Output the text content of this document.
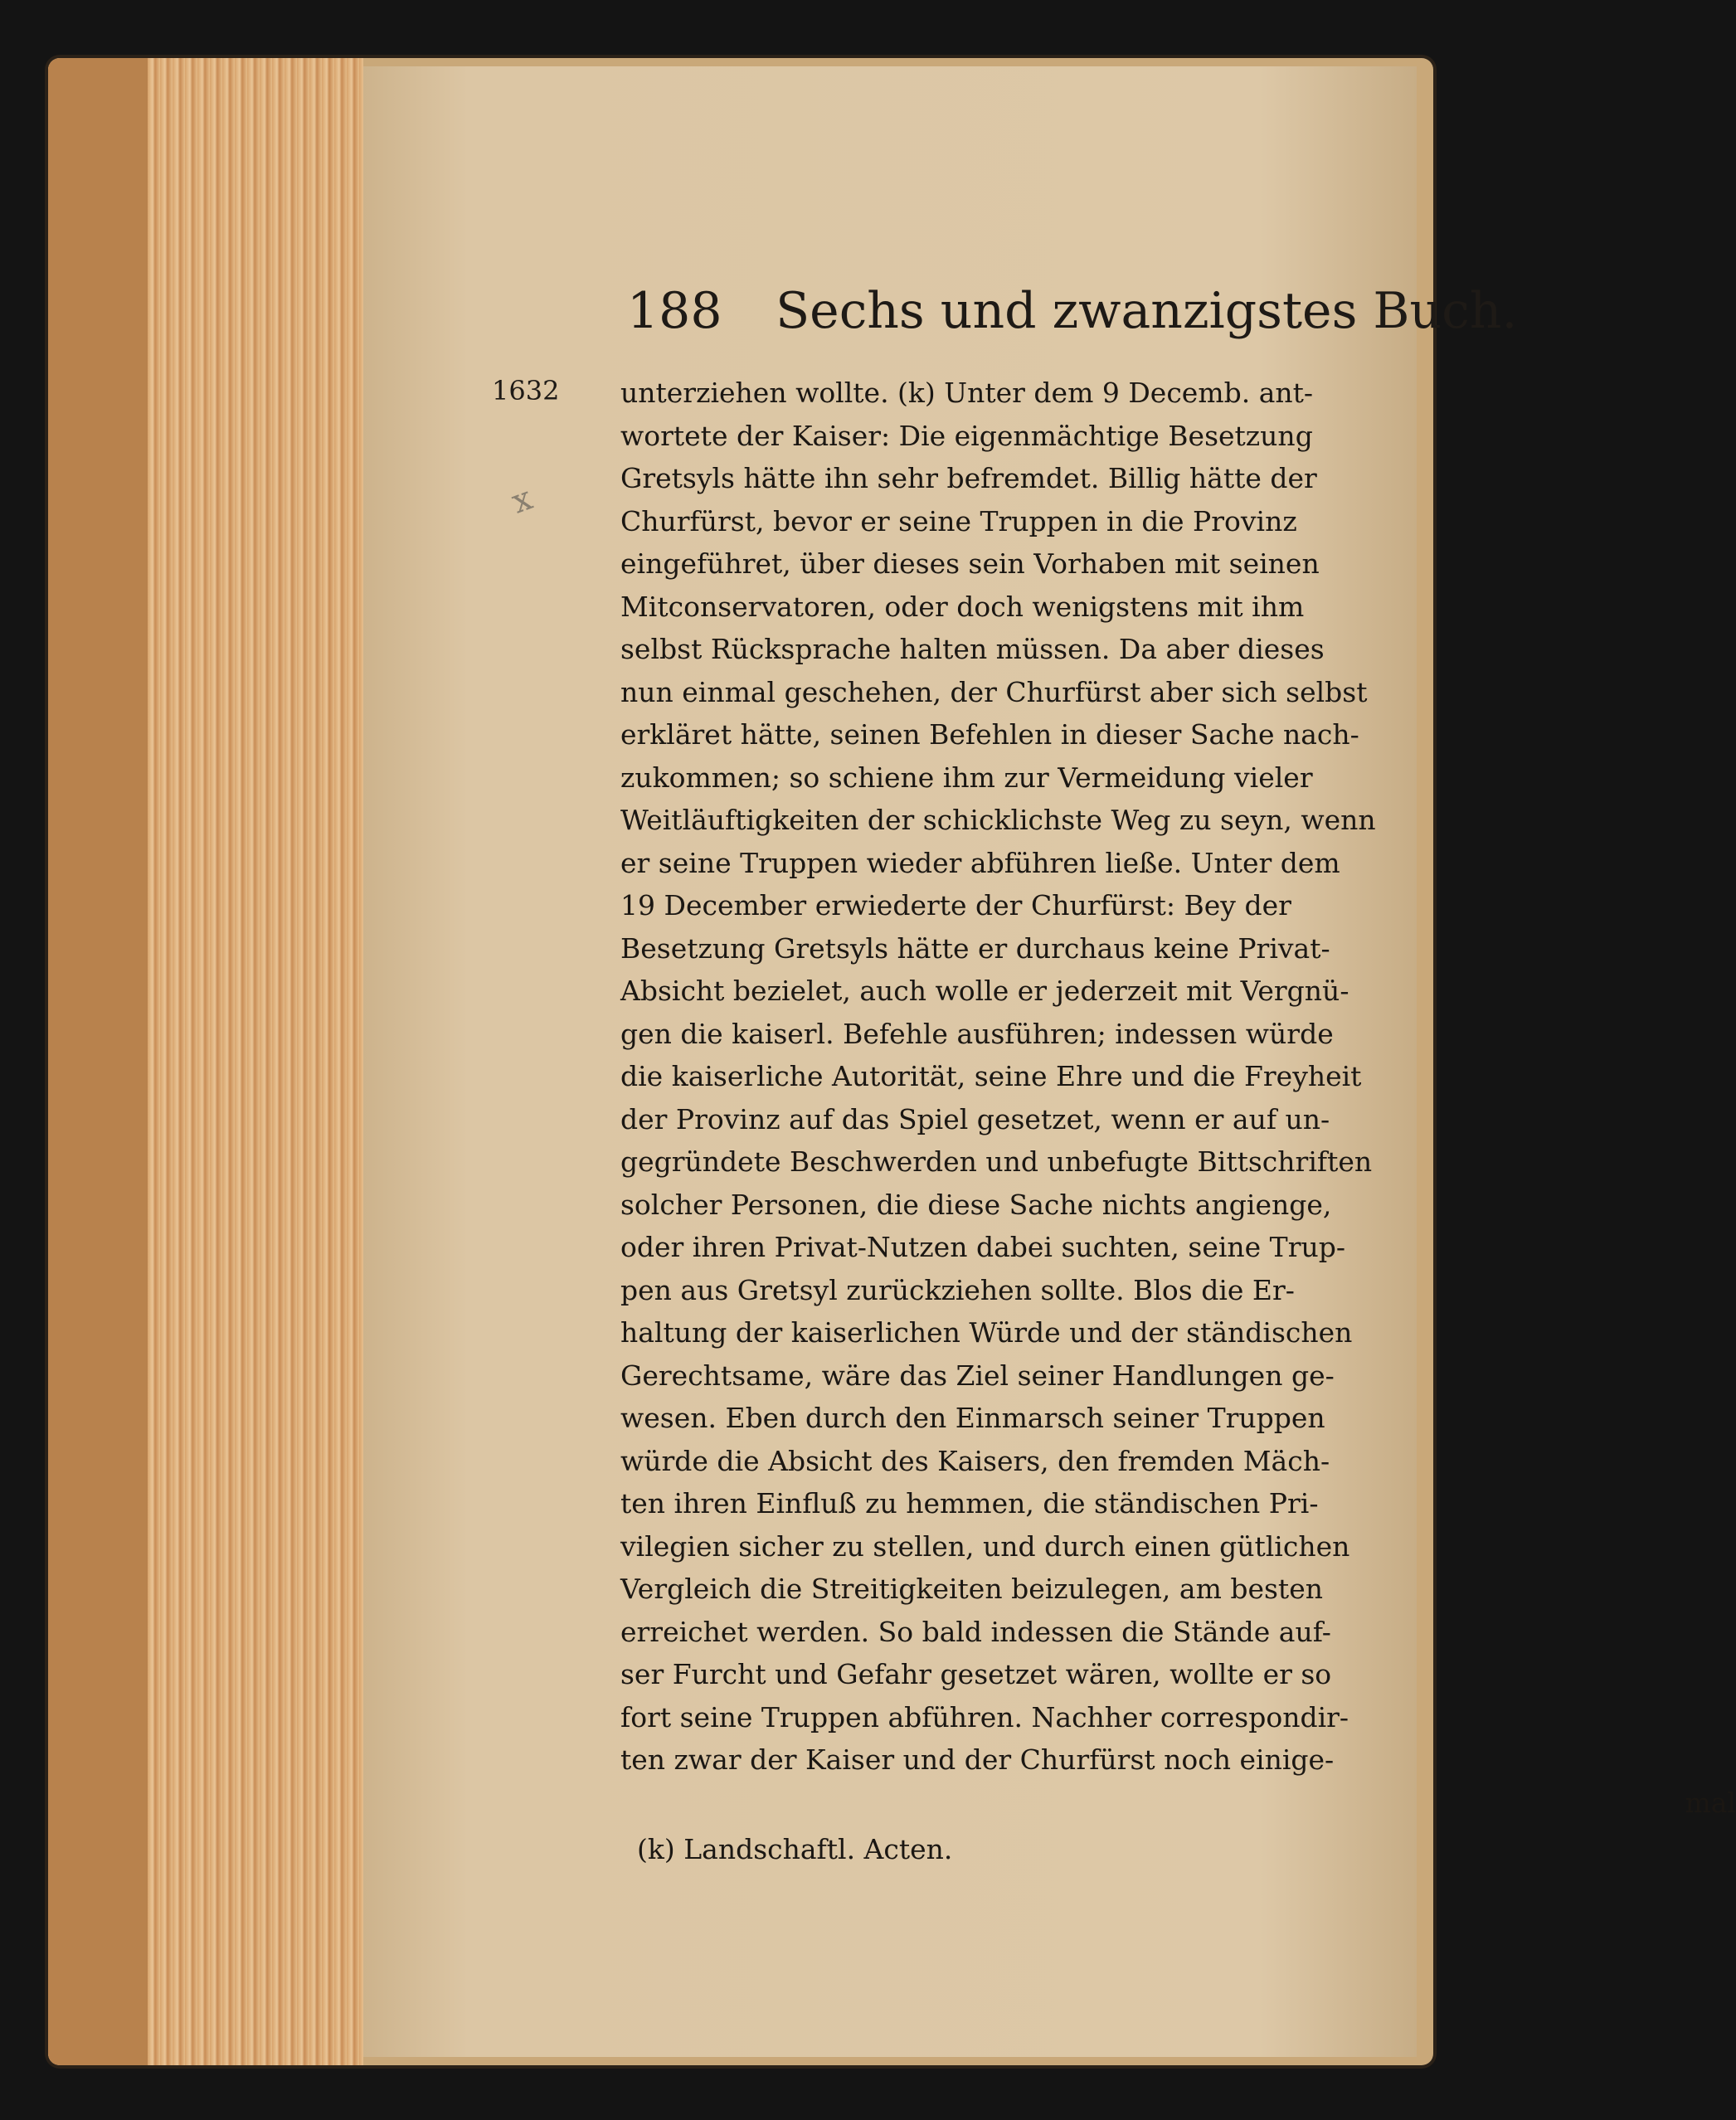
188 Sechs und zwanzigstes Buch.
1632
x
unterziehen wollte. (k) Unter dem 9 Decemb. ant-
wortete der Kaiser: Die eigenmächtige Besetzung
Gretsyls hätte ihn sehr befremdet. Billig hätte der
Churfürst, bevor er seine Truppen in die Provinz
eingeführet, über dieses sein Vorhaben mit seinen
Mitconservatoren, oder doch wenigstens mit ihm
selbst Rücksprache halten müssen. Da aber dieses
nun einmal geschehen, der Churfürst aber sich selbst
erkläret hätte, seinen Befehlen in dieser Sache nach-
zukommen; so schiene ihm zur Vermeidung vieler
Weitläuftigkeiten der schicklichste Weg zu seyn, wenn
er seine Truppen wieder abführen ließe. Unter dem
19 December erwiederte der Churfürst: Bey der
Besetzung Gretsyls hätte er durchaus keine Privat-
Absicht bezielet, auch wolle er jederzeit mit Vergnü-
gen die kaiserl. Befehle ausführen; indessen würde
die kaiserliche Autorität, seine Ehre und die Freyheit
der Provinz auf das Spiel gesetzet, wenn er auf un-
gegründete Beschwerden und unbefugte Bittschriften
solcher Personen, die diese Sache nichts angienge,
oder ihren Privat-Nutzen dabei suchten, seine Trup-
pen aus Gretsyl zurückziehen sollte. Blos die Er-
haltung der kaiserlichen Würde und der ständischen
Gerechtsame, wäre das Ziel seiner Handlungen ge-
wesen. Eben durch den Einmarsch seiner Truppen
würde die Absicht des Kaisers, den fremden Mäch-
ten ihren Einfluß zu hemmen, die ständischen Pri-
vilegien sicher zu stellen, und durch einen gütlichen
Vergleich die Streitigkeiten beizulegen, am besten
erreichet werden. So bald indessen die Stände auf-
ser Furcht und Gefahr gesetzet wären, wollte er so
fort seine Truppen abführen. Nachher correspondir-
ten zwar der Kaiser und der Churfürst noch einige-
mal
(k) Landschaftl. Acten.
